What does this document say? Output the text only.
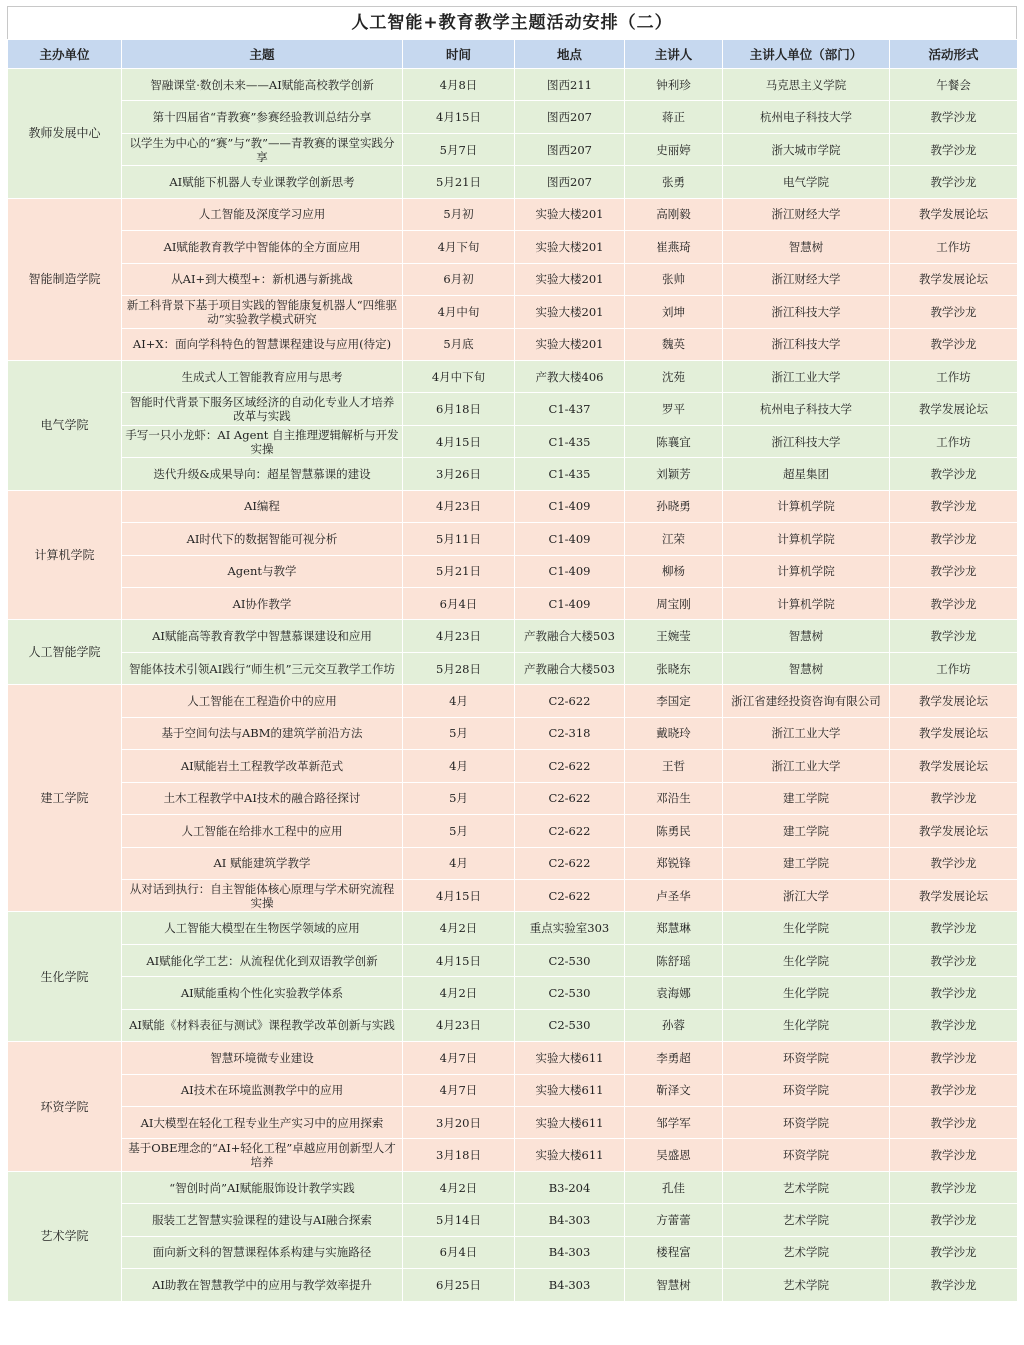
人工智能+教育教学主题活动安排（二）
主办单位	主题	时间	地点	主讲人	主讲人单位（部门）	活动形式
教师发展中心	智融课堂·数创未来——AI赋能高校教学创新	4月8日	图西211	钟利珍	马克思主义学院	午餐会
	第十四届省“青教赛”参赛经验教训总结分享	4月15日	图西207	蒋正	杭州电子科技大学	教学沙龙
	以学生为中心的“赛”与“教”——青教赛的课堂实践分享	5月7日	图西207	史丽婷	浙大城市学院	教学沙龙
	AI赋能下机器人专业课教学创新思考	5月21日	图西207	张勇	电气学院	教学沙龙
智能制造学院	人工智能及深度学习应用	5月初	实验大楼201	高刚毅	浙江财经大学	教学发展论坛
	AI赋能教育教学中智能体的全方面应用	4月下旬	实验大楼201	崔燕琦	智慧树	工作坊
	从AI+到大模型+：新机遇与新挑战	6月初	实验大楼201	张帅	浙江财经大学	教学发展论坛
	新工科背景下基于项目实践的智能康复机器人“四维驱动”实验教学模式研究	4月中旬	实验大楼201	刘坤	浙江科技大学	教学沙龙
	AI+X：面向学科特色的智慧课程建设与应用(待定)	5月底	实验大楼201	魏英	浙江科技大学	教学沙龙
电气学院	生成式人工智能教育应用与思考	4月中下旬	产教大楼406	沈苑	浙江工业大学	工作坊
	智能时代背景下服务区域经济的自动化专业人才培养改革与实践	6月18日	C1-437	罗平	杭州电子科技大学	教学发展论坛
	手写一只小龙虾：AI Agent 自主推理逻辑解析与开发实操	4月15日	C1-435	陈襄宜	浙江科技大学	工作坊
	迭代升级&成果导向：超星智慧慕课的建设	3月26日	C1-435	刘颖芳	超星集团	教学沙龙
计算机学院	AI编程	4月23日	C1-409	孙晓勇	计算机学院	教学沙龙
	AI时代下的数据智能可视分析	5月11日	C1-409	江荣	计算机学院	教学沙龙
	Agent与教学	5月21日	C1-409	柳杨	计算机学院	教学沙龙
	AI协作教学	6月4日	C1-409	周宝刚	计算机学院	教学沙龙
人工智能学院	AI赋能高等教育教学中智慧慕课建设和应用	4月23日	产教融合大楼503	王婉莹	智慧树	教学沙龙
	智能体技术引领AI践行“师生机”三元交互教学工作坊	5月28日	产教融合大楼503	张晓东	智慧树	工作坊
建工学院	人工智能在工程造价中的应用	4月	C2-622	李国定	浙江省建经投资咨询有限公司	教学发展论坛
	基于空间句法与ABM的建筑学前沿方法	5月	C2-318	戴晓玲	浙江工业大学	教学发展论坛
	AI赋能岩土工程教学改革新范式	4月	C2-622	王哲	浙江工业大学	教学发展论坛
	土木工程教学中AI技术的融合路径探讨	5月	C2-622	邓沿生	建工学院	教学沙龙
	人工智能在给排水工程中的应用	5月	C2-622	陈勇民	建工学院	教学发展论坛
	AI 赋能建筑学教学	4月	C2-622	郑锐锋	建工学院	教学沙龙
	从对话到执行：自主智能体核心原理与学术研究流程实操	4月15日	C2-622	卢圣华	浙江大学	教学发展论坛
生化学院	人工智能大模型在生物医学领域的应用	4月2日	重点实验室303	郑慧琳	生化学院	教学沙龙
	AI赋能化学工艺：从流程优化到双语教学创新	4月15日	C2-530	陈舒瑶	生化学院	教学沙龙
	AI赋能重构个性化实验教学体系	4月2日	C2-530	袁海娜	生化学院	教学沙龙
	AI赋能《材料表征与测试》课程教学改革创新与实践	4月23日	C2-530	孙蓉	生化学院	教学沙龙
环资学院	智慧环境微专业建设	4月7日	实验大楼611	李勇超	环资学院	教学沙龙
	AI技术在环境监测教学中的应用	4月7日	实验大楼611	靳泽文	环资学院	教学沙龙
	AI大模型在轻化工程专业生产实习中的应用探索	3月20日	实验大楼611	邹学军	环资学院	教学沙龙
	基于OBE理念的“AI+轻化工程”卓越应用创新型人才培养	3月18日	实验大楼611	吴盛恩	环资学院	教学沙龙
艺术学院	“智创时尚”AI赋能服饰设计教学实践	4月2日	B3-204	孔佳	艺术学院	教学沙龙
	服装工艺智慧实验课程的建设与AI融合探索	5月14日	B4-303	方蕾蕾	艺术学院	教学沙龙
	面向新文科的智慧课程体系构建与实施路径	6月4日	B4-303	楼程富	艺术学院	教学沙龙
	AI助教在智慧教学中的应用与教学效率提升	6月25日	B4-303	智慧树	艺术学院	教学沙龙
